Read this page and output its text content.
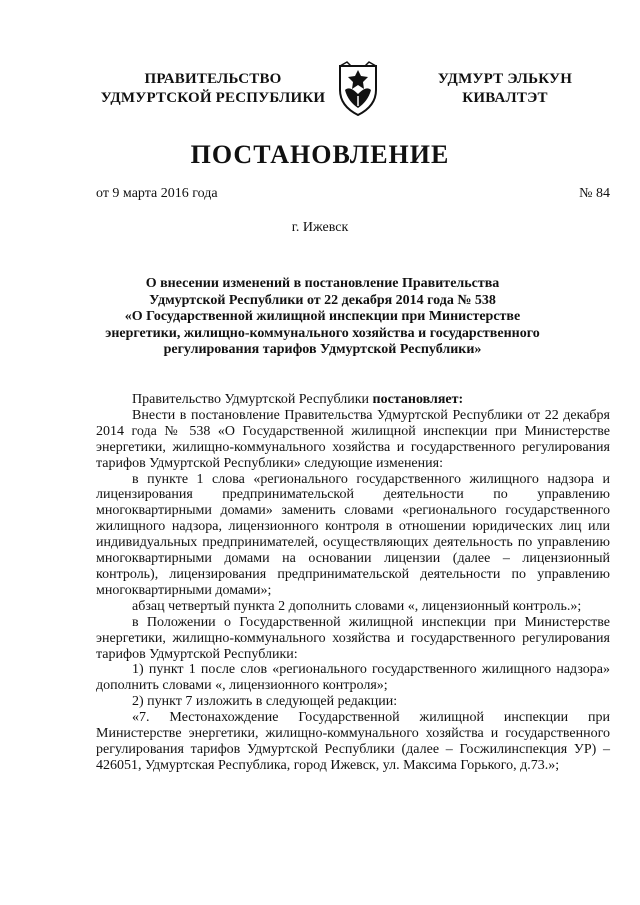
ПРАВИТЕЛЬСТВО
УДМУРТСКОЙ РЕСПУБЛИКИ
УДМУРТ ЭЛЬКУН
КИВАЛТЭТ
ПОСТАНОВЛЕНИЕ
от 9 марта 2016 года	№ 84
г. Ижевск
О внесении изменений в постановление Правительства
Удмуртской Республики от 22 декабря 2014 года № 538
«О Государственной жилищной инспекции при Министерстве
энергетики, жилищно-коммунального хозяйства и государственного
регулирования тарифов Удмуртской Республики»

Правительство Удмуртской Республики постановляет:

Внести в постановление Правительства Удмуртской Республики от 22 декабря 2014 года № 538 «О Государственной жилищной инспекции при Министерстве энергетики, жилищно-коммунального хозяйства и государственного регулирования тарифов Удмуртской Республики» следующие изменения:

в пункте 1 слова «регионального государственного жилищного надзора и лицензирования предпринимательской деятельности по управлению многоквартирными домами» заменить словами «регионального государственного жилищного надзора, лицензионного контроля в отношении юридических лиц или индивидуальных предпринимателей, осуществляющих деятельность по управлению многоквартирными домами на основании лицензии (далее – лицензионный контроль), лицензирования предпринимательской деятельности по управлению многоквартирными домами»;

абзац четвертый пункта 2 дополнить словами «, лицензионный контроль.»;

в Положении о Государственной жилищной инспекции при Министерстве энергетики, жилищно-коммунального хозяйства и государственного регулирования тарифов Удмуртской Республики:

1) пункт 1 после слов «регионального государственного жилищного надзора» дополнить словами «, лицензионного контроля»;

2) пункт 7 изложить в следующей редакции:

«7. Местонахождение Государственной жилищной инспекции при Министерстве энергетики, жилищно-коммунального хозяйства и государственного регулирования тарифов Удмуртской Республики (далее – Госжилинспекция УР) – 426051, Удмуртская Республика, город Ижевск, ул. Максима Горького, д.73.»;
